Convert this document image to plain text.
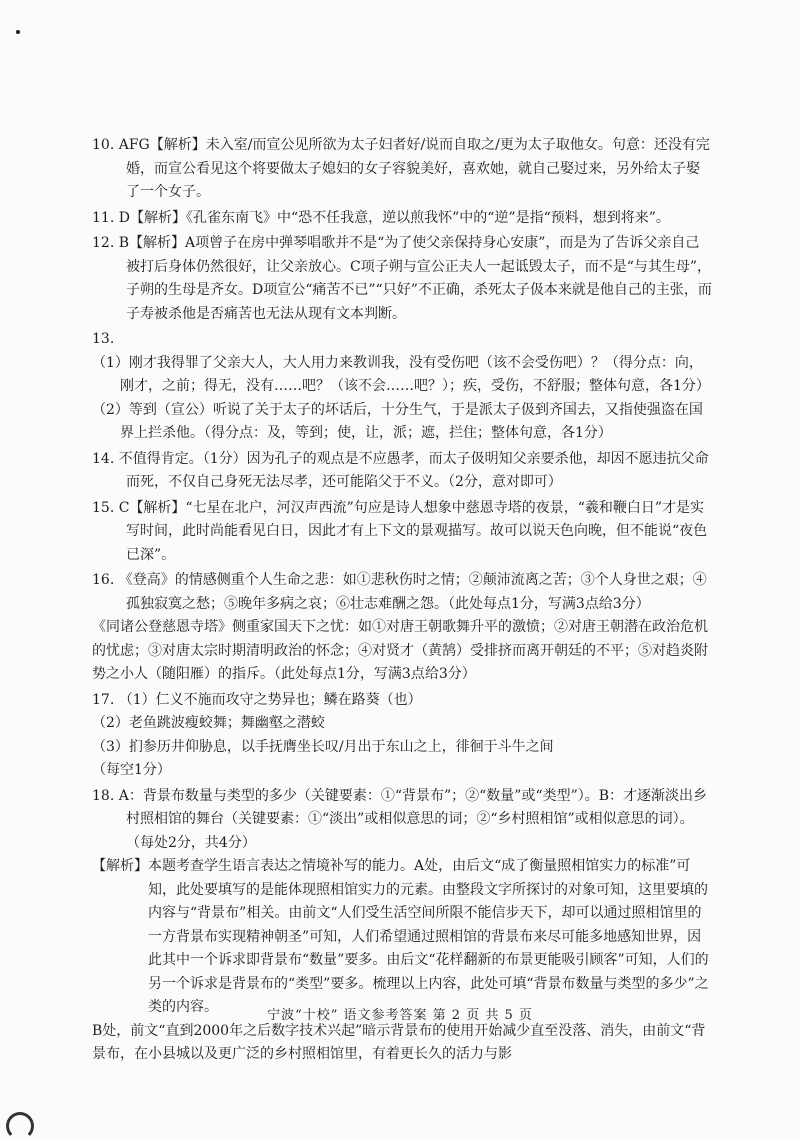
10. AFG【解析】未入室/而宣公见所欲为太子妇者好/说而自取之/更为太子取他女。句意：还没有完婚，而宣公看见这个将要做太子媳妇的女子容貌美好，喜欢她，就自己娶过来，另外给太子娶了一个女子。

11. D【解析】《孔雀东南飞》中“恐不任我意，逆以煎我怀”中的“逆”是指“预料，想到将来”。

12. B【解析】A项曾子在房中弹琴唱歌并不是“为了使父亲保持身心安康”，而是为了告诉父亲自己被打后身体仍然很好，让父亲放心。C项子朔与宣公正夫人一起诋毁太子，而不是“与其生母”，子朔的生母是齐女。D项宣公“痛苦不已”“只好”不正确，杀死太子伋本来就是他自己的主张，而子寿被杀他是否痛苦也无法从现有文本判断。

13.

（1）刚才我得罪了父亲大人，大人用力来教训我，没有受伤吧（该不会受伤吧）？（得分点：向，刚才，之前；得无，没有……吧？（该不会……吧？）；疾，受伤，不舒服；整体句意，各1分）

（2）等到（宣公）听说了关于太子的坏话后，十分生气，于是派太子伋到齐国去，又指使强盗在国界上拦杀他。（得分点：及，等到；使，让，派；遮，拦住；整体句意，各1分）

14. 不值得肯定。（1分）因为孔子的观点是不应愚孝，而太子伋明知父亲要杀他，却因不愿违抗父命而死，不仅自己身死无法尽孝，还可能陷父于不义。（2分，意对即可）

15. C【解析】“七星在北户，河汉声西流”句应是诗人想象中慈恩寺塔的夜景，“羲和鞭白日”才是实写时间，此时尚能看见白日，因此才有上下文的景观描写。故可以说天色向晚，但不能说“夜色已深”。

16. 《登高》的情感侧重个人生命之悲：如①悲秋伤时之情；②颠沛流离之苦；③个人身世之艰；④孤独寂寞之愁；⑤晚年多病之哀；⑥壮志难酬之怨。（此处每点1分，写满3点给3分）

《同诸公登慈恩寺塔》侧重家国天下之忧：如①对唐王朝歌舞升平的激愤；②对唐王朝潜在政治危机的忧虑；③对唐太宗时期清明政治的怀念；④对贤才（黄鹄）受排挤而离开朝廷的不平；⑤对趋炎附势之小人（随阳雁）的指斥。（此处每点1分，写满3点给3分）

17. （1）仁义不施而攻守之势异也；鳞在路葵（也）

（2）老鱼跳波瘦蛟舞；舞幽壑之潜蛟

（3）扪参历井仰胁息，以手抚膺坐长叹/月出于东山之上，徘徊于斗牛之间

（每空1分）

18. A：背景布数量与类型的多少（关键要素：①“背景布”；②“数量”或“类型”）。B：才逐渐淡出乡村照相馆的舞台（关键要素：①“淡出”或相似意思的词；②“乡村照相馆”或相似意思的词）。（每处2分，共4分）

【解析】本题考查学生语言表达之情境补写的能力。A处，由后文“成了衡量照相馆实力的标准”可知，此处要填写的是能体现照相馆实力的元素。由整段文字所探讨的对象可知，这里要填的内容与“背景布”相关。由前文“人们受生活空间所限不能信步天下，却可以通过照相馆里的一方背景布实现精神朝圣”可知，人们希望通过照相馆的背景布来尽可能多地感知世界，因此其中一个诉求即背景布“数量”要多。由后文“花样翻新的布景更能吸引顾客”可知，人们的另一个诉求是背景布的“类型”要多。梳理以上内容，此处可填“背景布数量与类型的多少”之类的内容。

B处，前文“直到2000年之后数字技术兴起”暗示背景布的使用开始减少直至没落、消失，由前文“背景布，在小县城以及更广泛的乡村照相馆里，有着更长久的活力与影

宁波“十校” 语文参考答案 第 2 页 共 5 页
